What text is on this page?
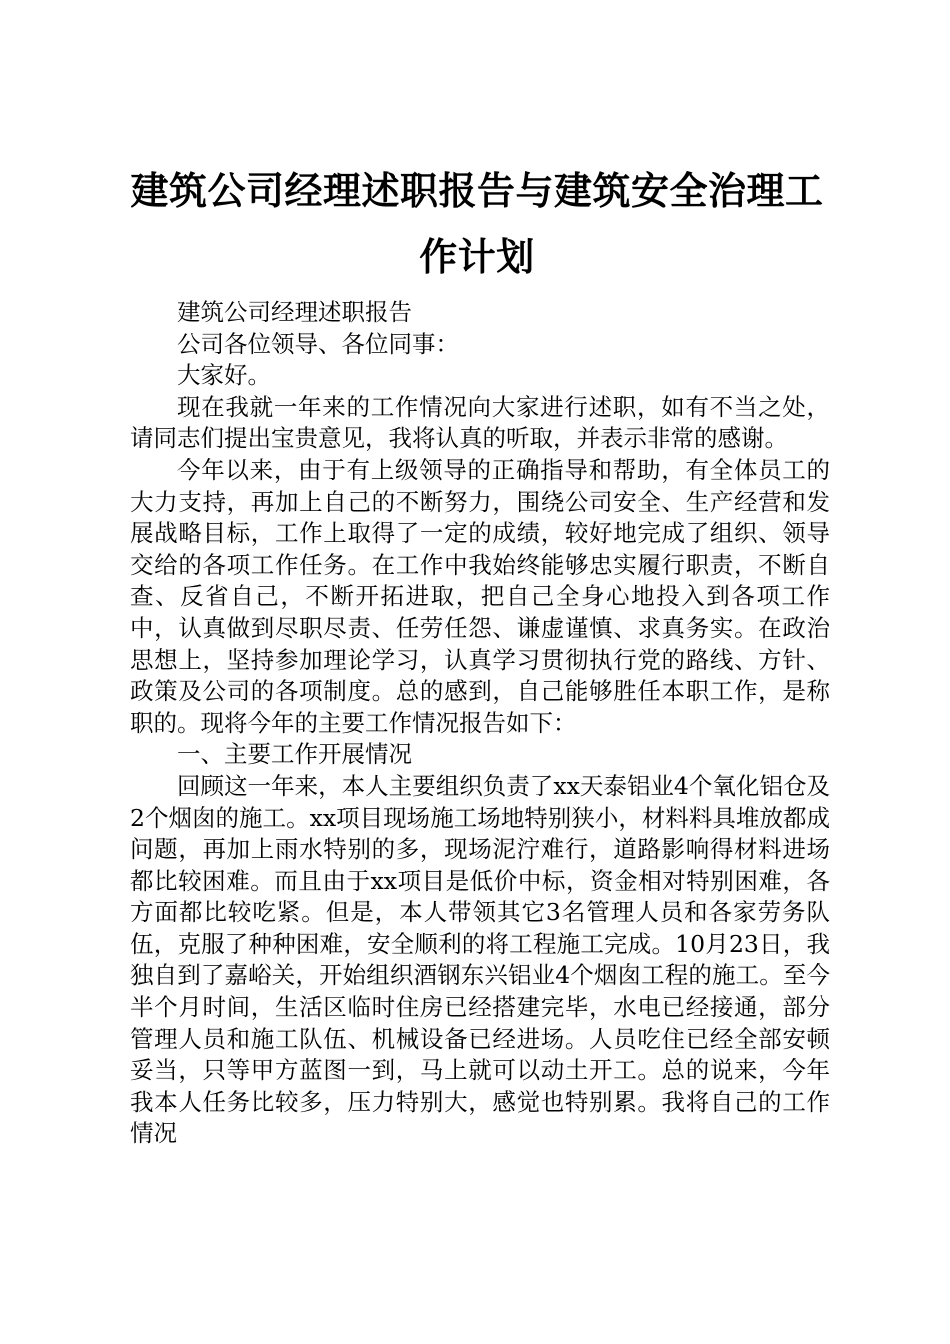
建筑公司经理述职报告与建筑安全治理工作计划

建筑公司经理述职报告

公司各位领导、各位同事：

大家好。

现在我就一年来的工作情况向大家进行述职，如有不当之处，请同志们提出宝贵意见，我将认真的听取，并表示非常的感谢。

今年以来，由于有上级领导的正确指导和帮助，有全体员工的大力支持，再加上自己的不断努力，围绕公司安全、生产经营和发展战略目标，工作上取得了一定的成绩，较好地完成了组织、领导交给的各项工作任务。在工作中我始终能够忠实履行职责，不断自查、反省自己，不断开拓进取，把自己全身心地投入到各项工作中，认真做到尽职尽责、任劳任怨、谦虚谨慎、求真务实。在政治思想上，坚持参加理论学习，认真学习贯彻执行党的路线、方针、政策及公司的各项制度。总的感到，自己能够胜任本职工作，是称职的。现将今年的主要工作情况报告如下：

一、主要工作开展情况

回顾这一年来，本人主要组织负责了xx天泰铝业4个氧化铝仓及2个烟囱的施工。xx项目现场施工场地特别狭小，材料料具堆放都成问题，再加上雨水特别的多，现场泥泞难行，道路影响得材料进场都比较困难。而且由于xx项目是低价中标，资金相对特别困难，各方面都比较吃紧。但是，本人带领其它3名管理人员和各家劳务队伍，克服了种种困难，安全顺利的将工程施工完成。10月23日，我独自到了嘉峪关，开始组织酒钢东兴铝业4个烟囱工程的施工。至今半个月时间，生活区临时住房已经搭建完毕，水电已经接通，部分管理人员和施工队伍、机械设备已经进场。人员吃住已经全部安顿妥当，只等甲方蓝图一到，马上就可以动土开工。总的说来，今年我本人任务比较多，压力特别大，感觉也特别累。我将自己的工作情况
